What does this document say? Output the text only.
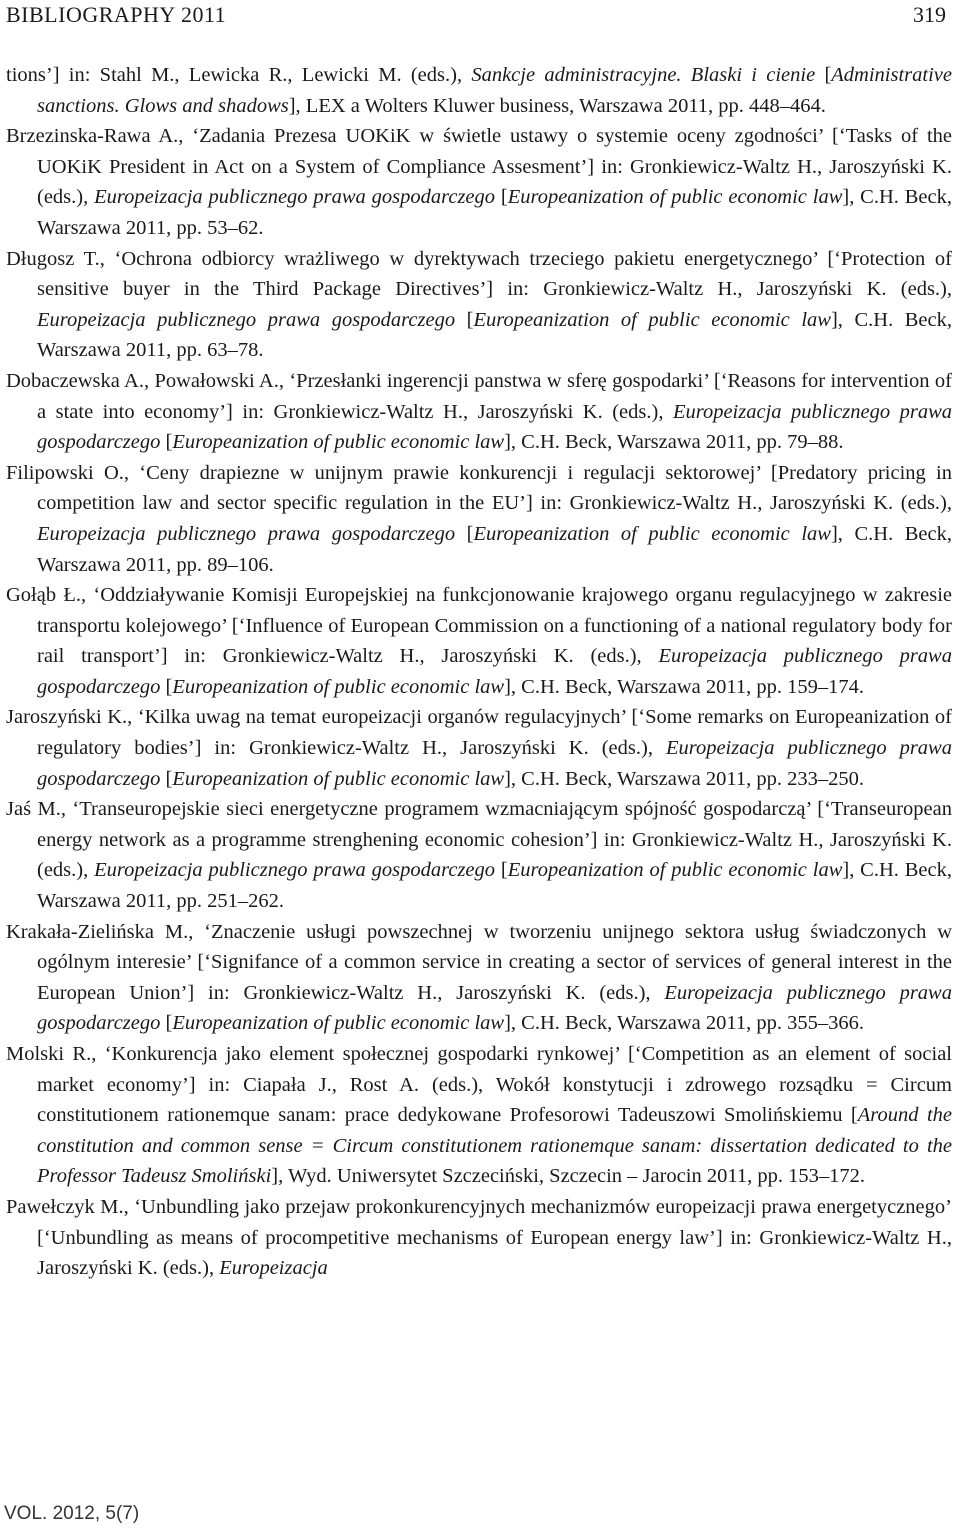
BIBLIOGRAPHY 2011	319

tions’] in: Stahl M., Lewicka R., Lewicki M. (eds.), Sankcje administracyjne. Blaski i cienie [Administrative sanctions. Glows and shadows], LEX a Wolters Kluwer business, Warszawa 2011, pp. 448–464.

Brzezinska-Rawa A., ‘Zadania Prezesa UOKiK w świetle ustawy o systemie oceny zgodności’ [‘Tasks of the UOKiK President in Act on a System of Compliance Assesment’] in: Gronkiewicz-Waltz H., Jaroszyński K. (eds.), Europeizacja publicznego prawa gospodarczego [Europeanization of public economic law], C.H. Beck, Warszawa 2011, pp. 53–62.

Długosz T., ‘Ochrona odbiorcy wrażliwego w dyrektywach trzeciego pakietu energetycznego’ [‘Protection of sensitive buyer in the Third Package Directives’] in: Gronkiewicz-Waltz H., Jaroszyński K. (eds.), Europeizacja publicznego prawa gospodarczego [Europeanization of public economic law], C.H. Beck, Warszawa 2011, pp. 63–78.

Dobaczewska A., Powałowski A., ‘Przesłanki ingerencji panstwa w sferę gospodarki’ [‘Reasons for intervention of a state into economy’] in: Gronkiewicz-Waltz H., Jaroszyński K. (eds.), Europeizacja publicznego prawa gospodarczego [Europeanization of public economic law], C.H. Beck, Warszawa 2011, pp. 79–88.

Filipowski O., ‘Ceny drapiezne w unijnym prawie konkurencji i regulacji sektorowej’ [Predatory pricing in competition law and sector specific regulation in the EU’] in: Gronkiewicz-Waltz H., Jaroszyński K. (eds.), Europeizacja publicznego prawa gospodarczego [Europeanization of public economic law], C.H. Beck, Warszawa 2011, pp. 89–106.

Gołąb Ł., ‘Oddziaływanie Komisji Europejskiej na funkcjonowanie krajowego organu regulacyjnego w zakresie transportu kolejowego’ [‘Influence of European Commission on a functioning of a national regulatory body for rail transport’] in: Gronkiewicz-Waltz H., Jaroszyński K. (eds.), Europeizacja publicznego prawa gospodarczego [Europeanization of public economic law], C.H. Beck, Warszawa 2011, pp. 159–174.

Jaroszyński K., ‘Kilka uwag na temat europeizacji organów regulacyjnych’ [‘Some remarks on Europeanization of regulatory bodies’] in: Gronkiewicz-Waltz H., Jaroszyński K. (eds.), Europeizacja publicznego prawa gospodarczego [Europeanization of public economic law], C.H. Beck, Warszawa 2011, pp. 233–250.

Jaś M., ‘Transeuropejskie sieci energetyczne programem wzmacniającym spójność gospodarczą’ [‘Transeuropean energy network as a programme strenghening economic cohesion’] in: Gronkiewicz-Waltz H., Jaroszyński K. (eds.), Europeizacja publicznego prawa gospodarczego [Europeanization of public economic law], C.H. Beck, Warszawa 2011, pp. 251–262.

Krakała-Zielińska M., ‘Znaczenie usługi powszechnej w tworzeniu unijnego sektora usług świadczonych w ogólnym interesie’ [‘Signifance of a common service in creating a sector of services of general interest in the European Union’] in: Gronkiewicz-Waltz H., Jaroszyński K. (eds.), Europeizacja publicznego prawa gospodarczego [Europeanization of public economic law], C.H. Beck, Warszawa 2011, pp. 355–366.

Molski R., ‘Konkurencja jako element społecznej gospodarki rynkowej’ [‘Competition as an element of social market economy’] in: Ciapała J., Rost A. (eds.), Wokół konstytucji i zdrowego rozsądku = Circum constitutionem rationemque sanam: prace dedykowane Profesorowi Tadeuszowi Smolińskiemu [Around the constitution and common sense = Circum constitutionem rationemque sanam: dissertation dedicated to the Professor Tadeusz Smoliński], Wyd. Uniwersytet Szczeciński, Szczecin – Jarocin 2011, pp. 153–172.

Pawełczyk M., ‘Unbundling jako przejaw prokonkurencyjnych mechanizmów europeizacji prawa energetycznego’ [‘Unbundling as means of procompetitive mechanisms of European energy law’] in: Gronkiewicz-Waltz H., Jaroszyński K. (eds.), Europeizacja

VOL. 2012, 5(7)
